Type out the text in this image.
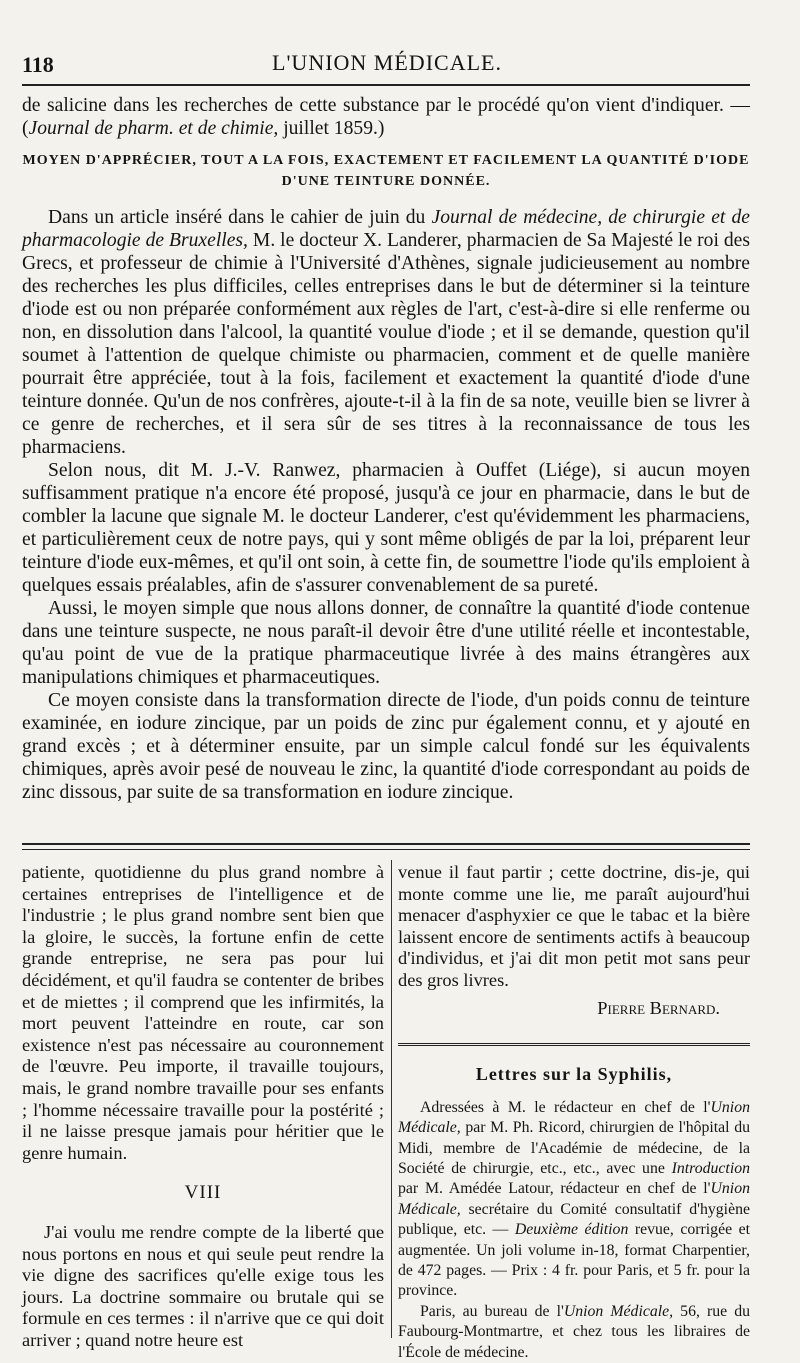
118	L'UNION MÉDICALE.

de salicine dans les recherches de cette substance par le procédé qu'on vient d'indiquer. — (Journal de pharm. et de chimie, juillet 1859.)

MOYEN D'APPRÉCIER, TOUT A LA FOIS, EXACTEMENT ET FACILEMENT LA QUANTITÉ D'IODE D'UNE TEINTURE DONNÉE.

Dans un article inséré dans le cahier de juin du Journal de médecine, de chirurgie et de pharmacologie de Bruxelles, M. le docteur X. Landerer, pharmacien de Sa Majesté le roi des Grecs, et professeur de chimie à l'Université d'Athènes, signale judicieusement au nombre des recherches les plus difficiles, celles entreprises dans le but de déterminer si la teinture d'iode est ou non préparée conformément aux règles de l'art, c'est-à-dire si elle renferme ou non, en dissolution dans l'alcool, la quantité voulue d'iode ; et il se demande, question qu'il soumet à l'attention de quelque chimiste ou pharmacien, comment et de quelle manière pourrait être appréciée, tout à la fois, facilement et exactement la quantité d'iode d'une teinture donnée. Qu'un de nos confrères, ajoute-t-il à la fin de sa note, veuille bien se livrer à ce genre de recherches, et il sera sûr de ses titres à la reconnaissance de tous les pharmaciens.

Selon nous, dit M. J.-V. Ranwez, pharmacien à Ouffet (Liége), si aucun moyen suffisamment pratique n'a encore été proposé, jusqu'à ce jour en pharmacie, dans le but de combler la lacune que signale M. le docteur Landerer, c'est qu'évidemment les pharmaciens, et particulièrement ceux de notre pays, qui y sont même obligés de par la loi, préparent leur teinture d'iode eux-mêmes, et qu'il ont soin, à cette fin, de soumettre l'iode qu'ils emploient à quelques essais préalables, afin de s'assurer convenablement de sa pureté.

Aussi, le moyen simple que nous allons donner, de connaître la quantité d'iode contenue dans une teinture suspecte, ne nous paraît-il devoir être d'une utilité réelle et incontestable, qu'au point de vue de la pratique pharmaceutique livrée à des mains étrangères aux manipulations chimiques et pharmaceutiques.

Ce moyen consiste dans la transformation directe de l'iode, d'un poids connu de teinture examinée, en iodure zincique, par un poids de zinc pur également connu, et y ajouté en grand excès ; et à déterminer ensuite, par un simple calcul fondé sur les équivalents chimiques, après avoir pesé de nouveau le zinc, la quantité d'iode correspondant au poids de zinc dissous, par suite de sa transformation en iodure zincique.

patiente, quotidienne du plus grand nombre à certaines entreprises de l'intelligence et de l'industrie ; le plus grand nombre sent bien que la gloire, le succès, la fortune enfin de cette grande entreprise, ne sera pas pour lui décidément, et qu'il faudra se contenter de bribes et de miettes ; il comprend que les infirmités, la mort peuvent l'atteindre en route, car son existence n'est pas nécessaire au couronnement de l'œuvre. Peu importe, il travaille toujours, mais, le grand nombre travaille pour ses enfants ; l'homme nécessaire travaille pour la postérité ; il ne laisse presque jamais pour héritier que le genre humain.

VIII

J'ai voulu me rendre compte de la liberté que nous portons en nous et qui seule peut rendre la vie digne des sacrifices qu'elle exige tous les jours. La doctrine sommaire ou brutale qui se formule en ces termes : il n'arrive que ce qui doit arriver ; quand notre heure est

venue il faut partir ; cette doctrine, dis-je, qui monte comme une lie, me paraît aujourd'hui menacer d'asphyxier ce que le tabac et la bière laissent encore de sentiments actifs à beaucoup d'individus, et j'ai dit mon petit mot sans peur des gros livres.

Pierre Bernard.
Lettres sur la Syphilis,

Adressées à M. le rédacteur en chef de l'Union Médicale, par M. Ph. Ricord, chirurgien de l'hôpital du Midi, membre de l'Académie de médecine, de la Société de chirurgie, etc., etc., avec une Introduction par M. Amédée Latour, rédacteur en chef de l'Union Médicale, secrétaire du Comité consultatif d'hygiène publique, etc. — Deuxième édition revue, corrigée et augmentée. Un joli volume in-18, format Charpentier, de 472 pages. — Prix : 4 fr. pour Paris, et 5 fr. pour la province.

Paris, au bureau de l'Union Médicale, 56, rue du Faubourg-Montmartre, et chez tous les libraires de l'École de médecine.
